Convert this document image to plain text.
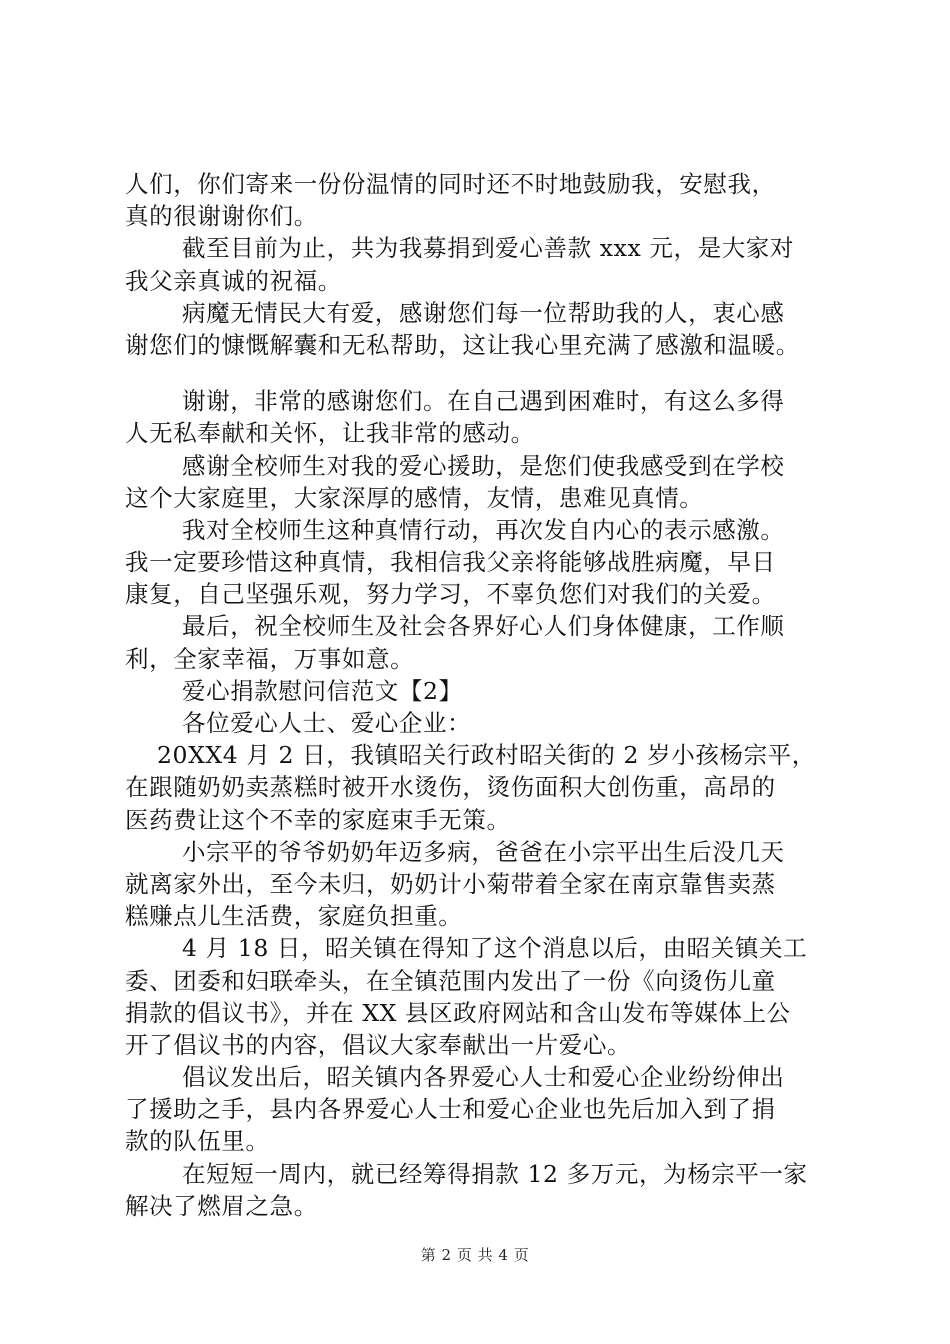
人们，你们寄来一份份温情的同时还不时地鼓励我，安慰我，
真的很谢谢你们。
截至目前为止，共为我募捐到爱心善款 xxx 元，是大家对
我父亲真诚的祝福。
病魔无情民大有爱，感谢您们每一位帮助我的人，衷心感
谢您们的慷慨解囊和无私帮助，这让我心里充满了感激和温暖。
谢谢，非常的感谢您们。在自己遇到困难时，有这么多得
人无私奉献和关怀，让我非常的感动。
感谢全校师生对我的爱心援助，是您们使我感受到在学校
这个大家庭里，大家深厚的感情，友情，患难见真情。
我对全校师生这种真情行动，再次发自内心的表示感激。
我一定要珍惜这种真情，我相信我父亲将能够战胜病魔，早日
康复，自己坚强乐观，努力学习，不辜负您们对我们的关爱。
最后，祝全校师生及社会各界好心人们身体健康，工作顺
利，全家幸福，万事如意。
爱心捐款慰问信范文【2】
各位爱心人士、爱心企业：
20XX4 月 2 日，我镇昭关行政村昭关街的 2 岁小孩杨宗平，
在跟随奶奶卖蒸糕时被开水烫伤，烫伤面积大创伤重，高昂的
医药费让这个不幸的家庭束手无策。
小宗平的爷爷奶奶年迈多病，爸爸在小宗平出生后没几天
就离家外出，至今未归，奶奶计小菊带着全家在南京靠售卖蒸
糕赚点儿生活费，家庭负担重。
4 月 18 日，昭关镇在得知了这个消息以后，由昭关镇关工
委、团委和妇联牵头，在全镇范围内发出了一份《向烫伤儿童
捐款的倡议书》，并在 XX 县区政府网站和含山发布等媒体上公
开了倡议书的内容，倡议大家奉献出一片爱心。
倡议发出后，昭关镇内各界爱心人士和爱心企业纷纷伸出
了援助之手，县内各界爱心人士和爱心企业也先后加入到了捐
款的队伍里。
在短短一周内，就已经筹得捐款 12 多万元，为杨宗平一家
解决了燃眉之急。
第 2 页 共 4 页
